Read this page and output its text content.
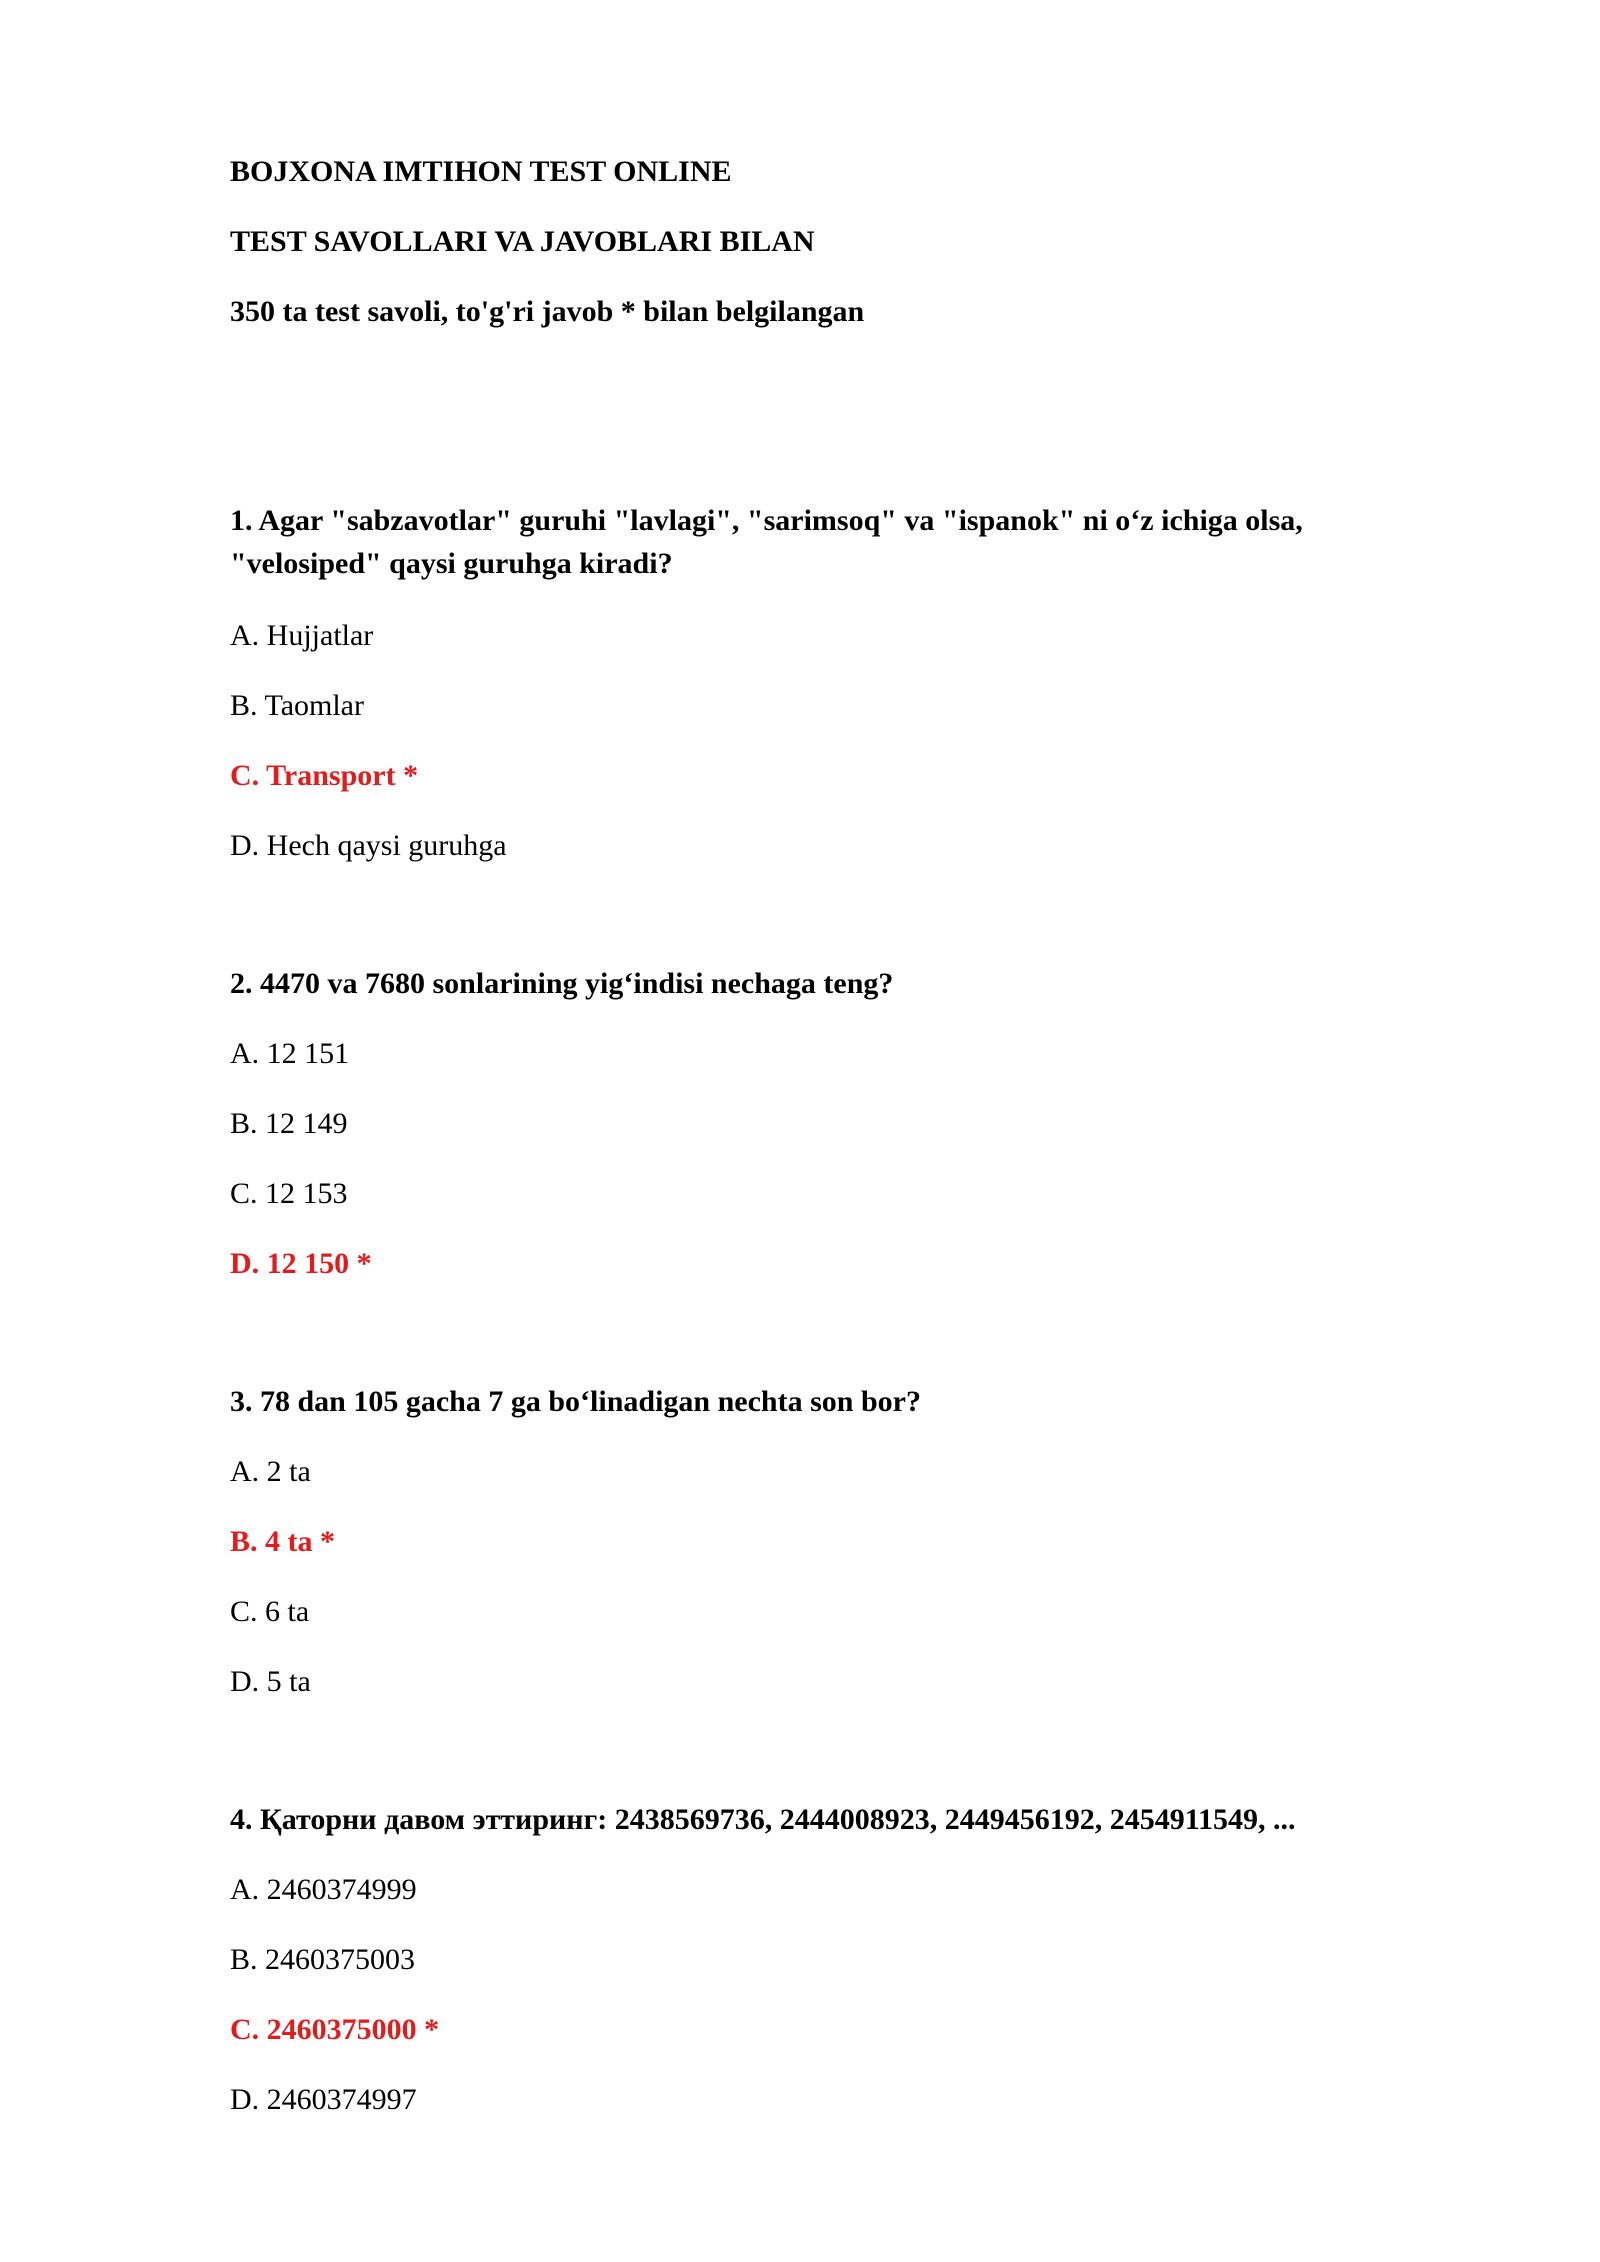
BOJXONA IMTIHON TEST ONLINE
TEST SAVOLLARI VA JAVOBLARI BILAN
350 ta test savoli, to'g'ri javob * bilan belgilangan
1. Agar "sabzavotlar" guruhi "lavlagi", "sarimsoq" va "ispanok" ni o‘z ichiga olsa,
"velosiped" qaysi guruhga kiradi?
A. Hujjatlar
B. Taomlar
C. Transport *
D. Hech qaysi guruhga
2. 4470 va 7680 sonlarining yig‘indisi nechaga teng?
A. 12 151
B. 12 149
C. 12 153
D. 12 150 *
3. 78 dan 105 gacha 7 ga bo‘linadigan nechta son bor?
A. 2 ta
B. 4 ta *
C. 6 ta
D. 5 ta
4. Қаторни давом эттиринг: 2438569736, 2444008923, 2449456192, 2454911549, ...
A. 2460374999
B. 2460375003
C. 2460375000 *
D. 2460374997
